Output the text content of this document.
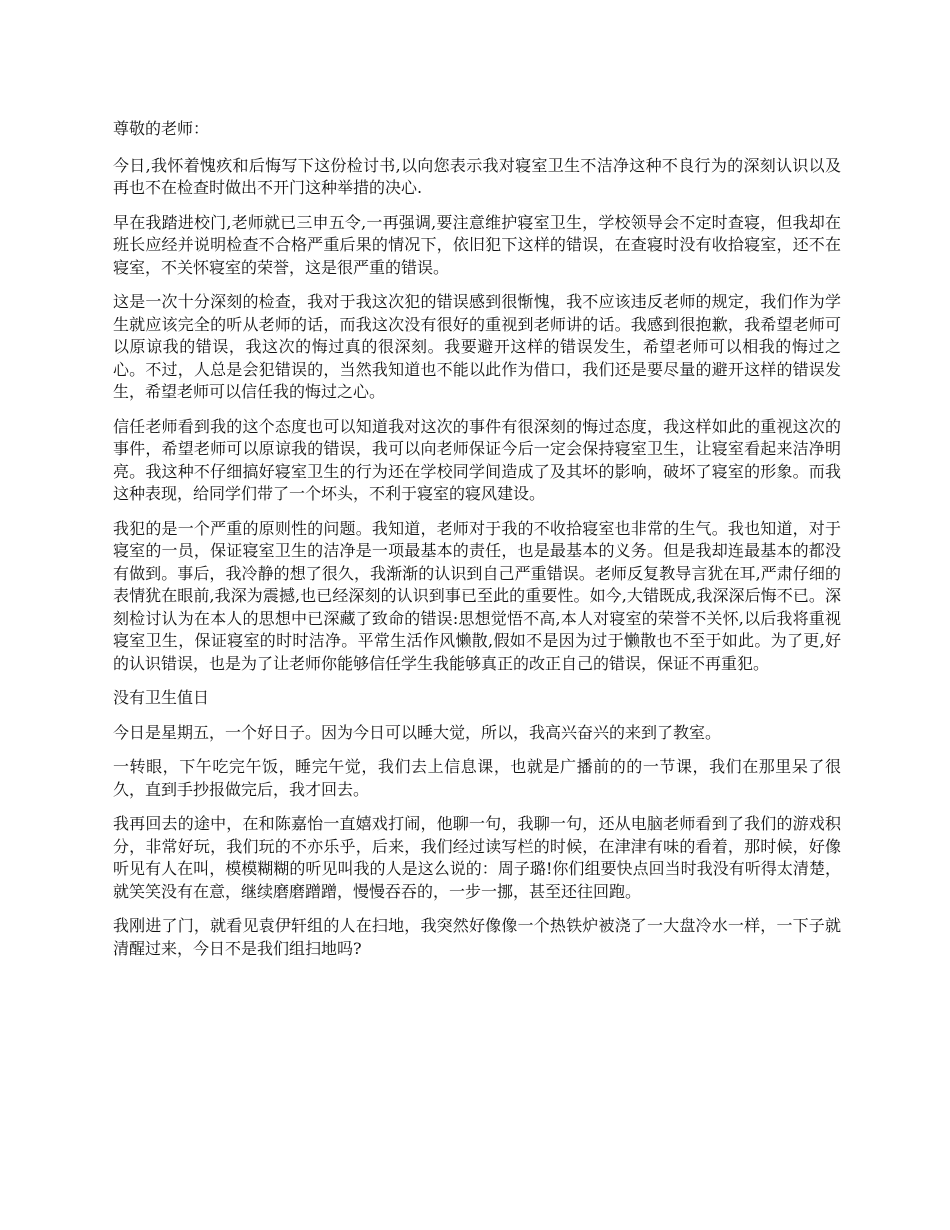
尊敬的老师：

今日,我怀着愧疚和后悔写下这份检讨书,以向您表示我对寝室卫生不洁净这种不良行为的深刻认识以及再也不在检查时做出不开门这种举措的决心.

早在我踏进校门,老师就已三申五令,一再强调,要注意维护寝室卫生，学校领导会不定时查寝，但我却在班长应经并说明检查不合格严重后果的情况下，依旧犯下这样的错误，在查寝时没有收拾寝室，还不在寝室，不关怀寝室的荣誉，这是很严重的错误。

这是一次十分深刻的检查，我对于我这次犯的错误感到很惭愧，我不应该违反老师的规定，我们作为学生就应该完全的听从老师的话，而我这次没有很好的重视到老师讲的话。我感到很抱歉，我希望老师可以原谅我的错误，我这次的悔过真的很深刻。我要避开这样的错误发生，希望老师可以相我的悔过之心。不过，人总是会犯错误的，当然我知道也不能以此作为借口，我们还是要尽量的避开这样的错误发生，希望老师可以信任我的悔过之心。

信任老师看到我的这个态度也可以知道我对这次的事件有很深刻的悔过态度，我这样如此的重视这次的事件，希望老师可以原谅我的错误，我可以向老师保证今后一定会保持寝室卫生，让寝室看起来洁净明亮。我这种不仔细搞好寝室卫生的行为还在学校同学间造成了及其坏的影响，破坏了寝室的形象。而我这种表现，给同学们带了一个坏头，不利于寝室的寝风建设。

我犯的是一个严重的原则性的问题。我知道，老师对于我的不收拾寝室也非常的生气。我也知道，对于寝室的一员，保证寝室卫生的洁净是一项最基本的责任，也是最基本的义务。但是我却连最基本的都没有做到。事后，我冷静的想了很久，我渐渐的认识到自己严重错误。老师反复教导言犹在耳,严肃仔细的表情犹在眼前,我深为震撼,也已经深刻的认识到事已至此的重要性。如今,大错既成,我深深后悔不已。深刻检讨认为在本人的思想中已深藏了致命的错误:思想觉悟不高,本人对寝室的荣誉不关怀,以后我将重视寝室卫生，保证寝室的时时洁净。平常生活作风懒散,假如不是因为过于懒散也不至于如此。为了更,好的认识错误，也是为了让老师你能够信任学生我能够真正的改正自己的错误，保证不再重犯。

没有卫生值日

今日是星期五，一个好日子。因为今日可以睡大觉，所以，我高兴奋兴的来到了教室。

一转眼，下午吃完午饭，睡完午觉，我们去上信息课，也就是广播前的的一节课，我们在那里呆了很久，直到手抄报做完后，我才回去。

我再回去的途中，在和陈嘉怡一直嬉戏打闹，他聊一句，我聊一句，还从电脑老师看到了我们的游戏积分，非常好玩，我们玩的不亦乐乎，后来，我们经过读写栏的时候，在津津有味的看着，那时候，好像听见有人在叫，模模糊糊的听见叫我的人是这么说的：周子璐!你们组要快点回当时我没有听得太清楚，就笑笑没有在意，继续磨磨蹭蹭，慢慢吞吞的，一步一挪，甚至还往回跑。

我刚进了门，就看见袁伊轩组的人在扫地，我突然好像像一个热铁炉被浇了一大盘冷水一样，一下子就清醒过来，今日不是我们组扫地吗?
